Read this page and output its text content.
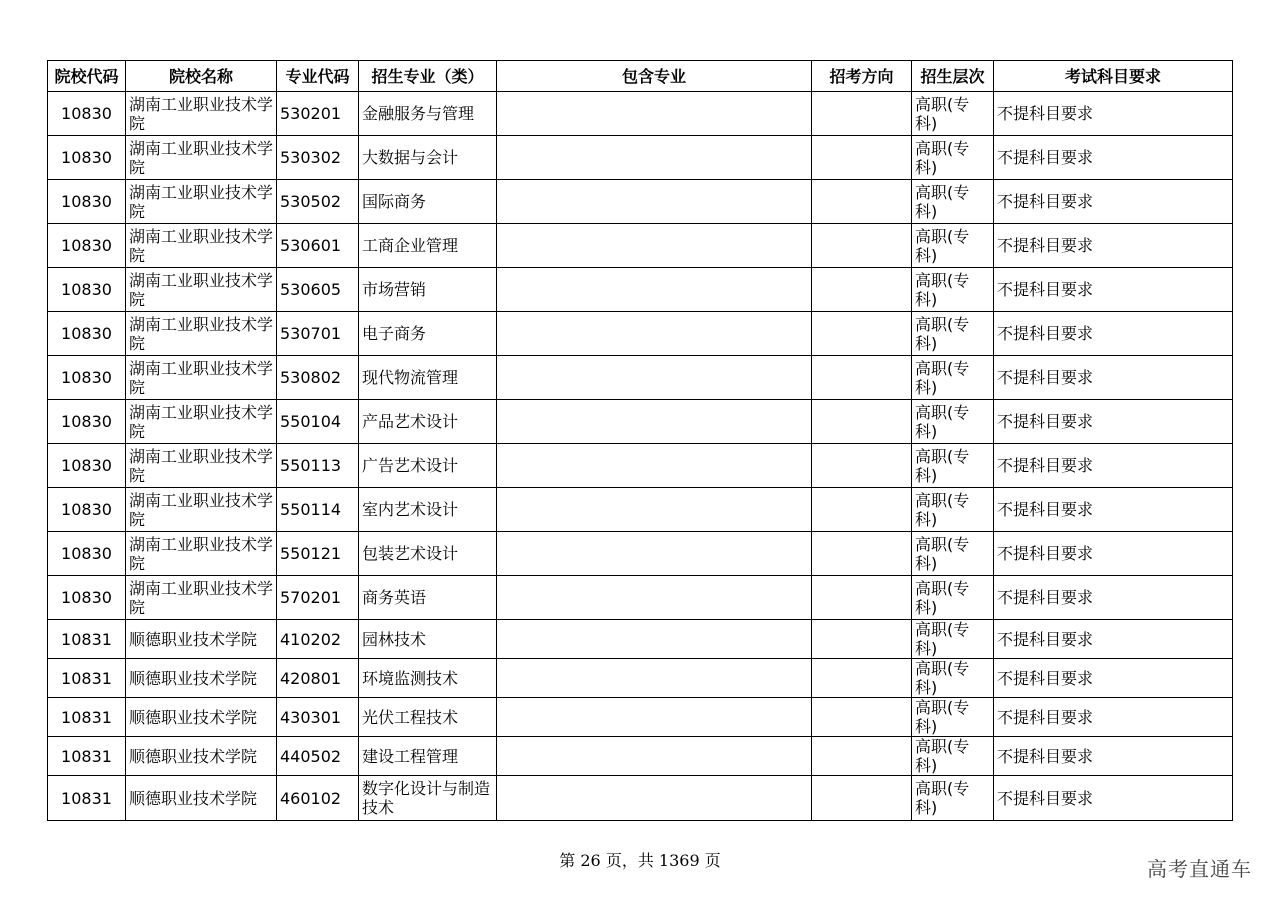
院校代码	院校名称	专业代码	招生专业（类）	包含专业	招考方向	招生层次	考试科目要求
10830	湖南工业职业技术学院	530201	金融服务与管理			高职(专科)	不提科目要求
10830	湖南工业职业技术学院	530302	大数据与会计			高职(专科)	不提科目要求
10830	湖南工业职业技术学院	530502	国际商务			高职(专科)	不提科目要求
10830	湖南工业职业技术学院	530601	工商企业管理			高职(专科)	不提科目要求
10830	湖南工业职业技术学院	530605	市场营销			高职(专科)	不提科目要求
10830	湖南工业职业技术学院	530701	电子商务			高职(专科)	不提科目要求
10830	湖南工业职业技术学院	530802	现代物流管理			高职(专科)	不提科目要求
10830	湖南工业职业技术学院	550104	产品艺术设计			高职(专科)	不提科目要求
10830	湖南工业职业技术学院	550113	广告艺术设计			高职(专科)	不提科目要求
10830	湖南工业职业技术学院	550114	室内艺术设计			高职(专科)	不提科目要求
10830	湖南工业职业技术学院	550121	包装艺术设计			高职(专科)	不提科目要求
10830	湖南工业职业技术学院	570201	商务英语			高职(专科)	不提科目要求
10831	顺德职业技术学院	410202	园林技术			高职(专科)	不提科目要求
10831	顺德职业技术学院	420801	环境监测技术			高职(专科)	不提科目要求
10831	顺德职业技术学院	430301	光伏工程技术			高职(专科)	不提科目要求
10831	顺德职业技术学院	440502	建设工程管理			高职(专科)	不提科目要求
10831	顺德职业技术学院	460102	数字化设计与制造技术			高职(专科)	不提科目要求
第 26 页，共 1369 页	高考直通车
